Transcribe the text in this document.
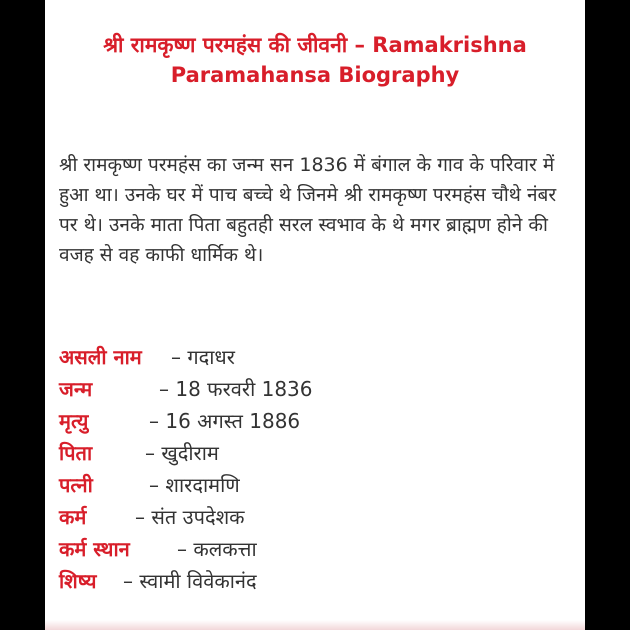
श्री रामकृष्ण परमहंस की जीवनी – Ramakrishna Paramahansa Biography

श्री रामकृष्ण परमहंस का जन्म सन 1836 में बंगाल के गाव के परिवार में हुआ था। उनके घर में पाच बच्चे थे जिनमे श्री रामकृष्ण परमहंस चौथे नंबर पर थे। उनके माता पिता बहुतही सरल स्वभाव के थे मगर ब्राह्मण होने की वजह से वह काफी धार्मिक थे।

असली नाम	– गदाधर
जन्म	– 18 फरवरी 1836
मृत्यु	– 16 अगस्त 1886
पिता	– खुदीराम
पत्नी	– शारदामणि
कर्म	– संत उपदेशक
कर्म स्थान	– कलकत्ता
शिष्य	– स्वामी विवेकानंद
